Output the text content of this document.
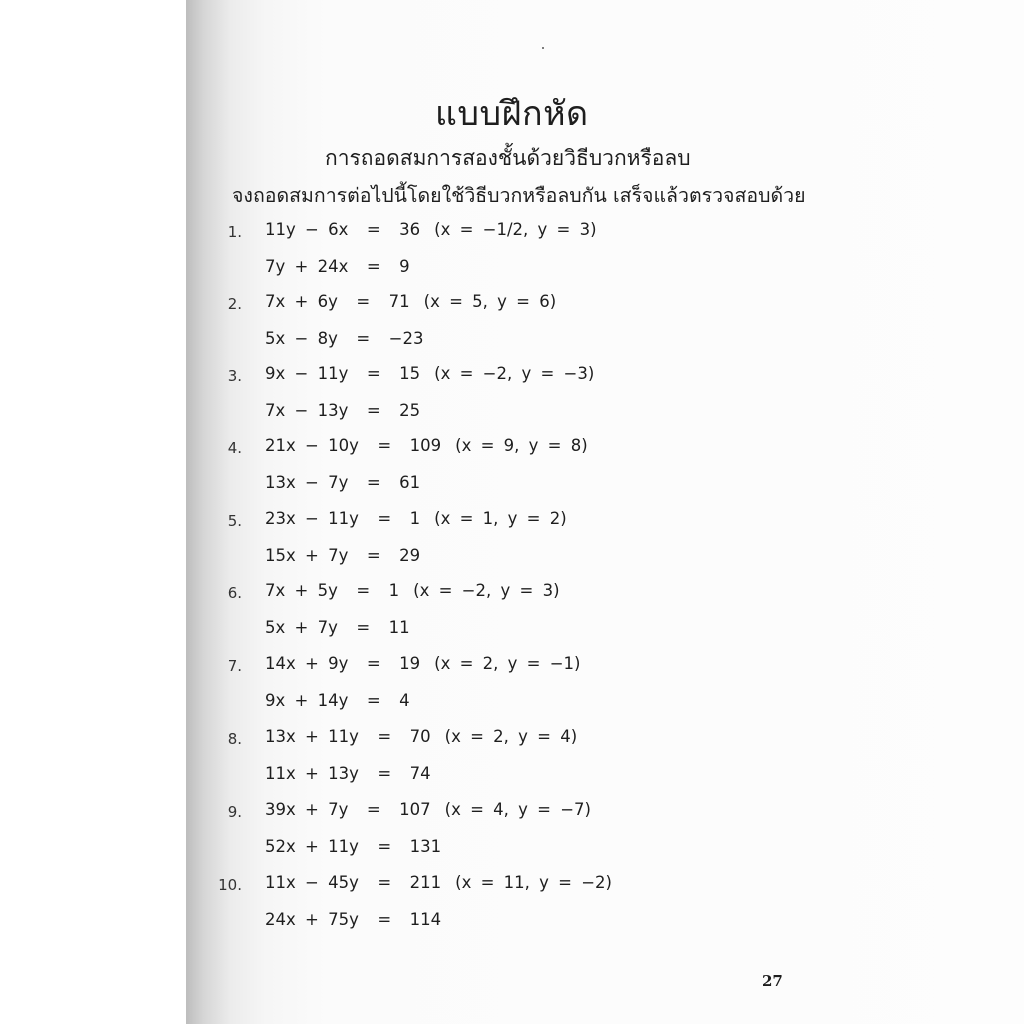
แบบฝึกหัด
การถอดสมการสองชั้นด้วยวิธีบวกหรือลบ

จงถอดสมการต่อไปนี้โดยใช้วิธีบวกหรือลบกัน เสร็จแล้วตรวจสอบด้วย

1. 11y − 6x  =  36 (x = −1/2, y = 3)
7y + 24x  =  9
2. 7x + 6y  =  71 (x = 5, y = 6)
5x − 8y  =  −23
3. 9x − 11y  =  15 (x = −2, y = −3)
7x − 13y  =  25
4. 21x − 10y  =  109 (x = 9, y = 8)
13x − 7y  =  61
5. 23x − 11y  =  1 (x = 1, y = 2)
15x + 7y  =  29
6. 7x + 5y  =  1 (x = −2, y = 3)
5x + 7y  =  11
7. 14x + 9y  =  19 (x = 2, y = −1)
9x + 14y  =  4
8. 13x + 11y  =  70 (x = 2, y = 4)
11x + 13y  =  74
9. 39x + 7y  =  107 (x = 4, y = −7)
52x + 11y  =  131
10. 11x − 45y  =  211 (x = 11, y = −2)
24x + 75y  =  114
27
